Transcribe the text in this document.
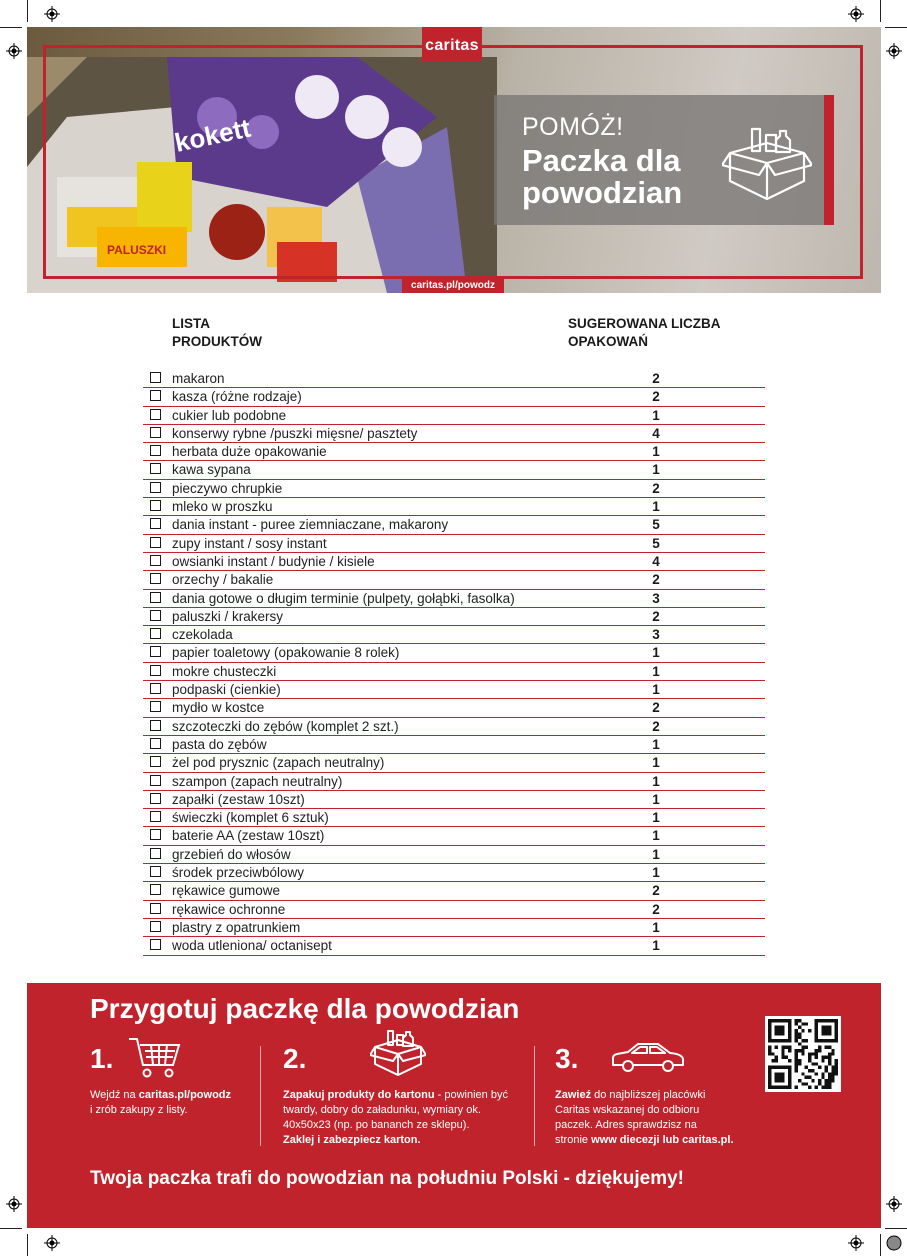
kokett
PALUSZKI
caritas
POMÓŻ!
Paczka dla
powodzian
caritas.pl/powodz
LISTA
PRODUKTÓW
SUGEROWANA LICZBA
OPAKOWAŃ
makaron	2
kasza (różne rodzaje)	2
cukier lub podobne	1
konserwy rybne /puszki mięsne/ pasztety	4
herbata duże opakowanie	1
kawa sypana	1
pieczywo chrupkie	2
mleko w proszku	1
dania instant - puree ziemniaczane, makarony	5
zupy instant / sosy instant	5
owsianki instant / budynie / kisiele	4
orzechy / bakalie	2
dania gotowe o długim terminie (pulpety, gołąbki, fasolka)	3
paluszki / krakersy	2
czekolada	3
papier toaletowy (opakowanie 8 rolek)	1
mokre chusteczki	1
podpaski (cienkie)	1
mydło w kostce	2
szczoteczki do zębów (komplet 2 szt.)	2
pasta do zębów	1
żel pod prysznic (zapach neutralny)	1
szampon (zapach neutralny)	1
zapałki (zestaw 10szt)	1
świeczki (komplet 6 sztuk)	1
baterie AA (zestaw 10szt)	1
grzebień do włosów	1
środek przeciwbólowy	1
rękawice gumowe	2
rękawice ochronne	2
plastry z opatrunkiem	1
woda utleniona/ octanisept	1
Przygotuj paczkę dla powodzian
1.
Wejdź na caritas.pl/powodz
i zrób zakupy z listy.
2.
Zapakuj produkty do kartonu - powinien być
twardy, dobry do załadunku, wymiary ok.
40x50x23 (np. po bananch ze sklepu).
Zaklej i zabezpiecz karton.
3.
Zawieź do najbliższej placówki
Caritas wskazanej do odbioru
paczek. Adres sprawdzisz na
stronie www diecezji lub caritas.pl.
Twoja paczka trafi do powodzian na południu Polski - dziękujemy!
